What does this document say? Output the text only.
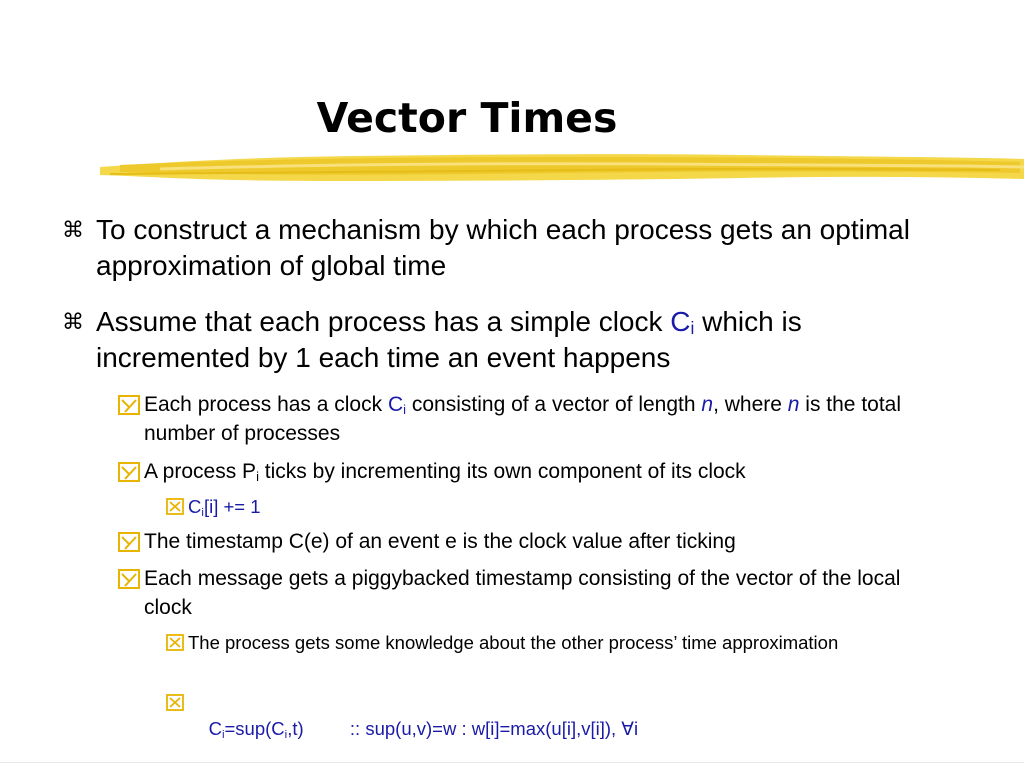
Vector Times
⌘ To construct a mechanism by which each process gets an optimal approximation of global time
⌘ Assume that each process has a simple clock $C_i$ which is incremented by 1 each time an event happens
Each process has a clock $C_i$ consisting of a vector of length n, where n is the total number of processes
A process $P_i$ ticks by incrementing its own component of its clock
$C_i[i] += 1$
The timestamp C(e) of an event e is the clock value after ticking
Each message gets a piggybacked timestamp consisting of the vector of the local clock
The process gets some knowledge about the other process’ time approximation

$C_i=sup(C_i,t)$         :: sup(u,v)=w : w[i]=max(u[i],v[i]), ∀i
